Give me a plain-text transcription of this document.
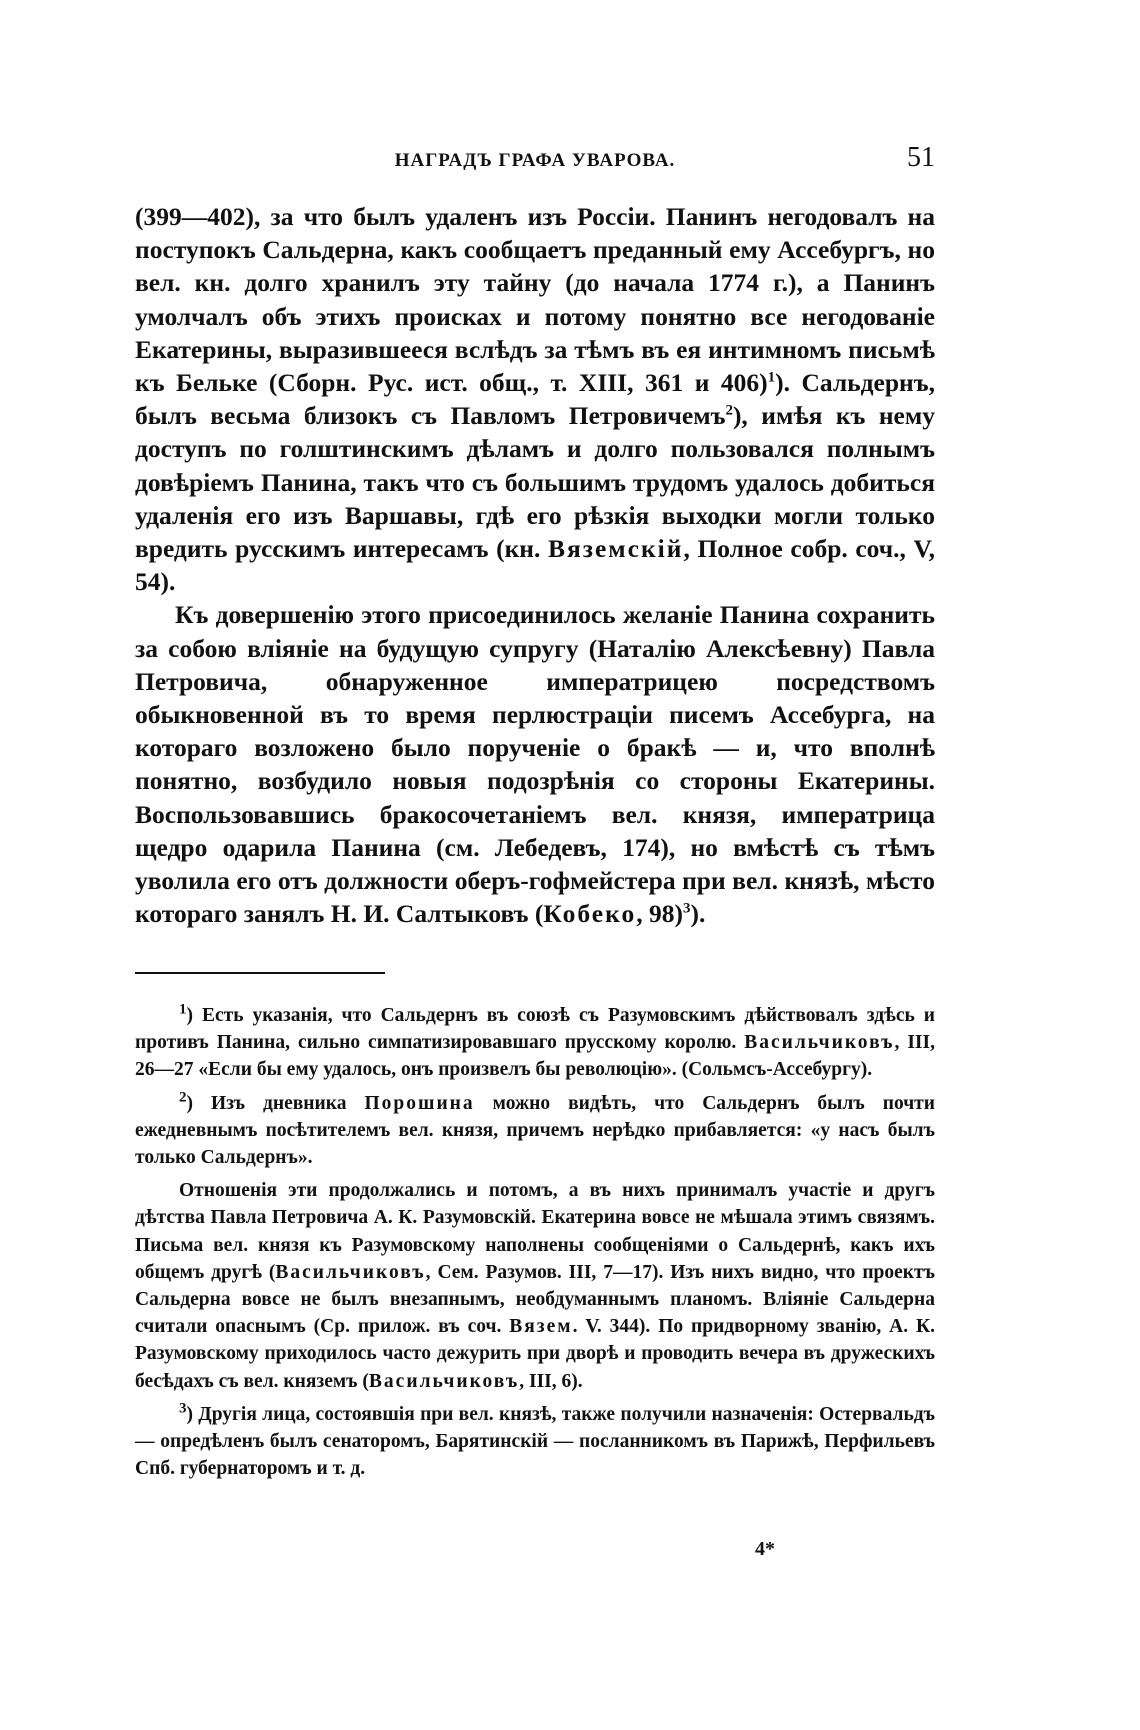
НАГРАДЪ ГРАФА УВАРОВА.	51

(399—402), за что былъ удаленъ изъ Россіи. Панинъ негодовалъ на поступокъ Сальдерна, какъ сообщаетъ преданный ему Ассебургъ, но вел. кн. долго хранилъ эту тайну (до начала 1774 г.), а Панинъ умолчалъ объ этихъ происках и потому понятно все негодованіе Екатерины, выразившееся вслѣдъ за тѣмъ въ ея интимномъ письмѣ къ Бельке (Сборн. Рус. ист. общ., т. XIII, 361 и 406)$^1$). Сальдернъ, былъ весьма близокъ съ Павломъ Петровичемъ$^2$), имѣя къ нему доступъ по голштинскимъ дѣламъ и долго пользовался полнымъ довѣріемъ Панина, такъ что съ большимъ трудомъ удалось добиться удаленія его изъ Варшавы, гдѣ его рѣзкія выходки могли только вредить русскимъ интересамъ (кн. Вяземскій, Полное собр. соч., V, 54).

Къ довершенію этого присоединилось желаніе Панина сохранить за собою вліяніе на будущую супругу (Наталію Алексѣевну) Павла Петровича, обнаруженное императрицею посредствомъ обыкновенной въ то время перлюстраціи писемъ Ассебурга, на котораго возложено было порученіе о бракѣ — и, что вполнѣ понятно, возбудило новыя подозрѣнія со стороны Екатерины. Воспользовавшись бракосочетаніемъ вел. князя, императрица щедро одарила Панина (см. Лебедевъ, 174), но вмѣстѣ съ тѣмъ уволила его отъ должности оберъ-гофмейстера при вел. князѣ, мѣсто котораго занялъ Н. И. Салтыковъ (Кобеко, 98)$^3$).

$^1$) Есть указанія, что Сальдернъ въ союзѣ съ Разумовскимъ дѣйствовалъ здѣсь и противъ Панина, сильно симпатизировавшаго прусскому королю. Васильчиковъ, III, 26—27 «Если бы ему удалось, онъ произвелъ бы революцію». (Сольмсъ-Ассебургу).

$^2$) Изъ дневника Порошина можно видѣть, что Сальдернъ былъ почти ежедневнымъ посѣтителемъ вел. князя, причемъ нерѣдко прибавляется: «у насъ былъ только Сальдернъ».

Отношенія эти продолжались и потомъ, а въ нихъ принималъ участіе и другъ дѣтства Павла Петровича А. К. Разумовскій. Екатерина вовсе не мѣшала этимъ связямъ. Письма вел. князя къ Разумовскому наполнены сообщеніями о Сальдернѣ, какъ ихъ общемъ другѣ (Васильчиковъ, Сем. Разумов. III, 7—17). Изъ нихъ видно, что проектъ Сальдерна вовсе не былъ внезапнымъ, необдуманнымъ планомъ. Вліяніе Сальдерна считали опаснымъ (Ср. прилож. въ соч. Вязем. V. 344). По придворному званію, А. К. Разумовскому приходилось часто дежурить при дворѣ и проводить вечера въ дружескихъ бесѣдахъ съ вел. княземъ (Васильчиковъ, III, 6).

$^3$) Другія лица, состоявшія при вел. князѣ, также получили назначенія: Остервальдъ — опредѣленъ былъ сенаторомъ, Барятинскій — посланникомъ въ Парижѣ, Перфильевъ Спб. губернаторомъ и т. д.

4*
